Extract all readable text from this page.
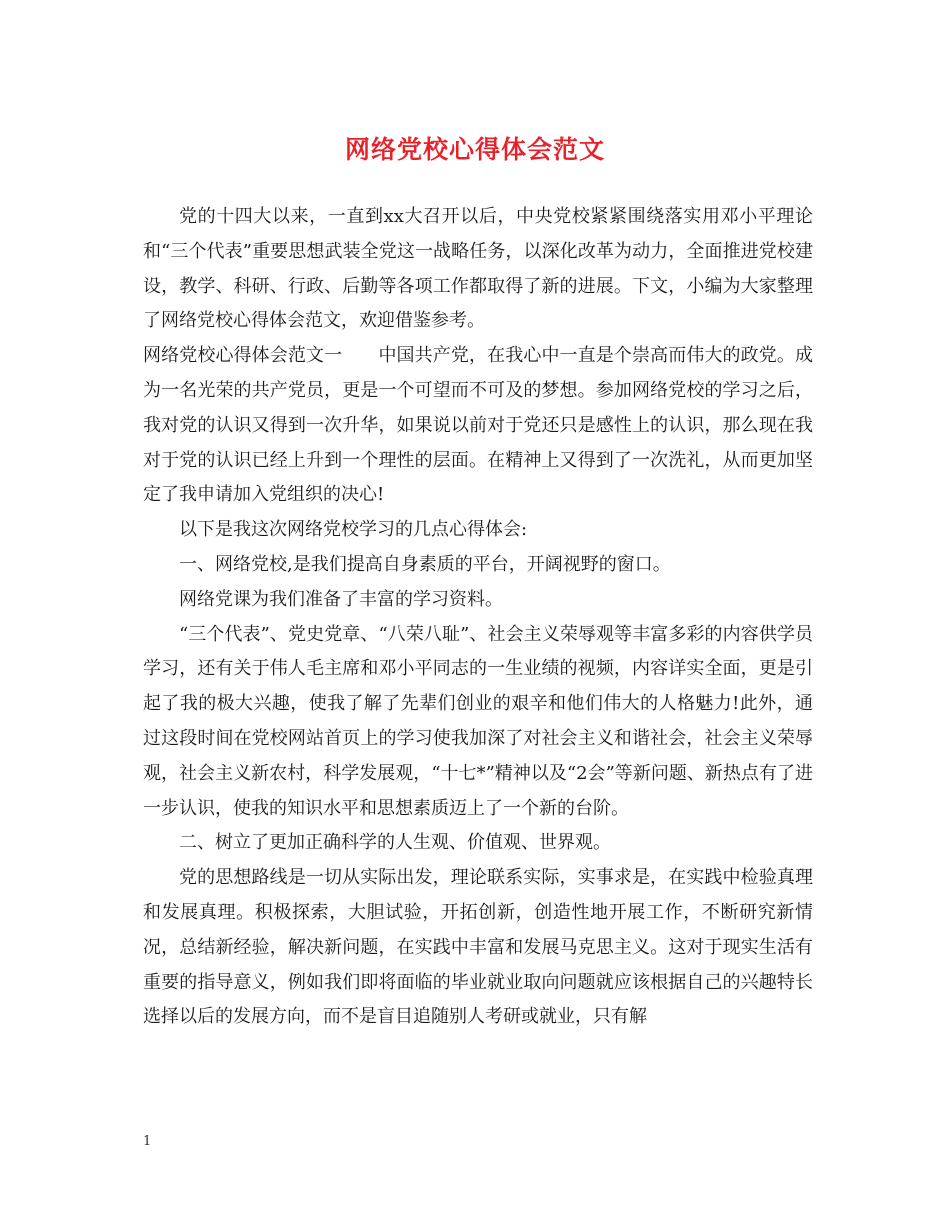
网络党校心得体会范文

党的十四大以来，一直到xx大召开以后，中央党校紧紧围绕落实用邓小平理论和“三个代表”重要思想武装全党这一战略任务，以深化改革为动力，全面推进党校建设，教学、科研、行政、后勤等各项工作都取得了新的进展。下文，小编为大家整理了网络党校心得体会范文，欢迎借鉴参考。

网络党校心得体会范文一　　中国共产党，在我心中一直是个崇高而伟大的政党。成为一名光荣的共产党员，更是一个可望而不可及的梦想。参加网络党校的学习之后，我对党的认识又得到一次升华，如果说以前对于党还只是感性上的认识，那么现在我对于党的认识已经上升到一个理性的层面。在精神上又得到了一次洗礼，从而更加坚定了我申请加入党组织的决心!

以下是我这次网络党校学习的几点心得体会:

一、网络党校,是我们提高自身素质的平台，开阔视野的窗口。

网络党课为我们准备了丰富的学习资料。

“三个代表”、党史党章、“八荣八耻”、社会主义荣辱观等丰富多彩的内容供学员学习，还有关于伟人毛主席和邓小平同志的一生业绩的视频，内容详实全面，更是引起了我的极大兴趣，使我了解了先辈们创业的艰辛和他们伟大的人格魅力!此外，通过这段时间在党校网站首页上的学习使我加深了对社会主义和谐社会，社会主义荣辱观，社会主义新农村，科学发展观，“十七*”精神以及“2会”等新问题、新热点有了进一步认识，使我的知识水平和思想素质迈上了一个新的台阶。

二、树立了更加正确科学的人生观、价值观、世界观。

党的思想路线是一切从实际出发，理论联系实际，实事求是，在实践中检验真理和发展真理。积极探索，大胆试验，开拓创新，创造性地开展工作，不断研究新情况，总结新经验，解决新问题，在实践中丰富和发展马克思主义。这对于现实生活有重要的指导意义，例如我们即将面临的毕业就业取向问题就应该根据自己的兴趣特长选择以后的发展方向，而不是盲目追随别人考研或就业，只有解

1
